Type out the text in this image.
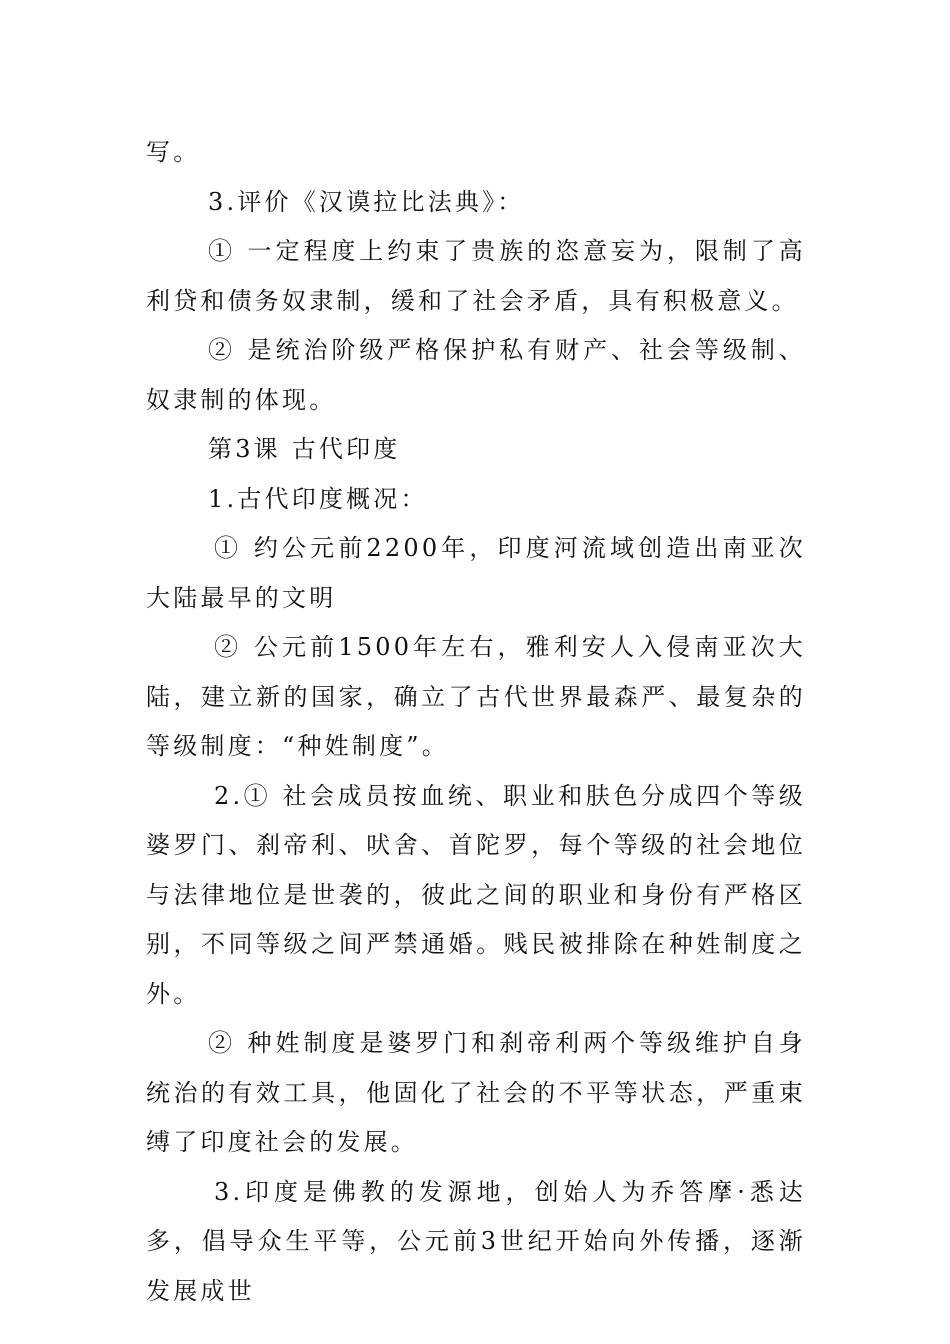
写。

3.评价《汉谟拉比法典》：

① 一定程度上约束了贵族的恣意妄为，限制了高利贷和债务奴隶制，缓和了社会矛盾，具有积极意义。

② 是统治阶级严格保护私有财产、社会等级制、奴隶制的体现。

第3课 古代印度

1.古代印度概况：

① 约公元前2200年，印度河流域创造出南亚次大陆最早的文明

② 公元前1500年左右，雅利安人入侵南亚次大陆，建立新的国家，确立了古代世界最森严、最复杂的等级制度：“种姓制度”。

2.① 社会成员按血统、职业和肤色分成四个等级婆罗门、刹帝利、吠舍、首陀罗，每个等级的社会地位与法律地位是世袭的，彼此之间的职业和身份有严格区别，不同等级之间严禁通婚。贱民被排除在种姓制度之外。

② 种姓制度是婆罗门和刹帝利两个等级维护自身统治的有效工具，他固化了社会的不平等状态，严重束缚了印度社会的发展。

3.印度是佛教的发源地，创始人为乔答摩·悉达多，倡导众生平等，公元前3世纪开始向外传播，逐渐发展成世
